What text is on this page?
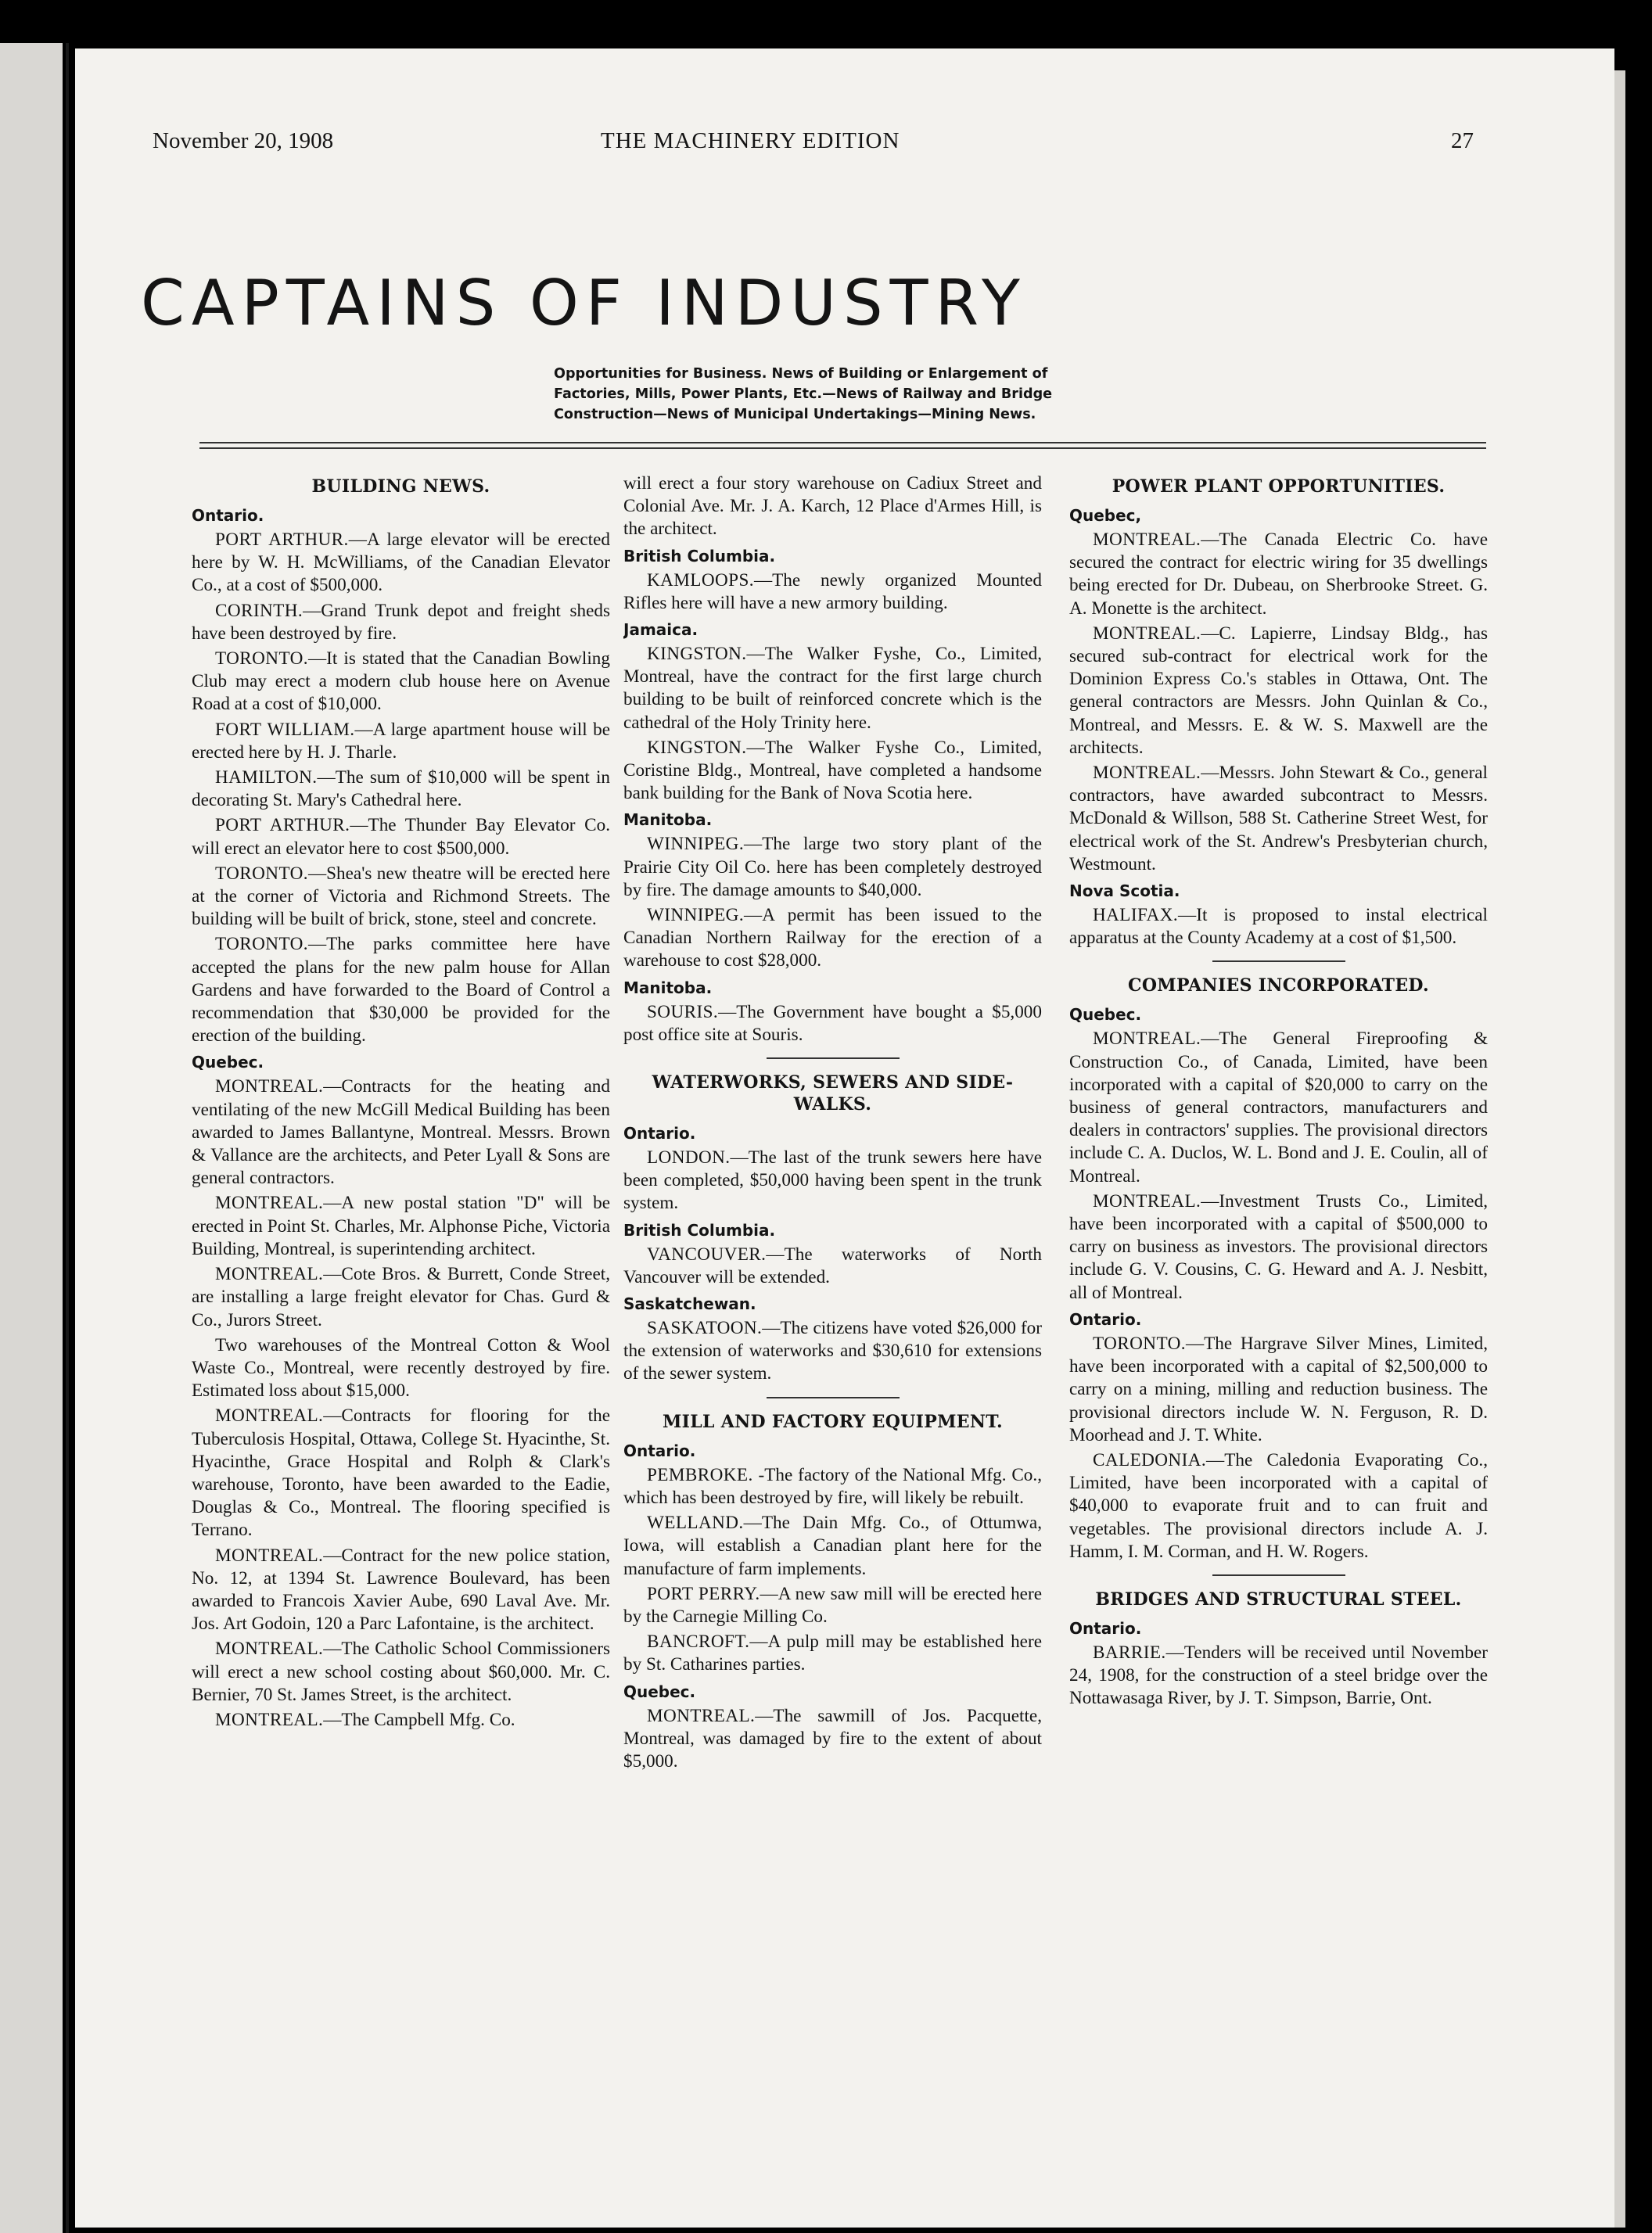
November 20, 1908	THE MACHINERY EDITION	27
CAPTAINS OF INDUSTRY
Opportunities for Business. News of Building or Enlargement of
Factories, Mills, Power Plants, Etc.—News of Railway and Bridge
Construction—News of Municipal Undertakings—Mining News.
BUILDING NEWS.
Ontario.

PORT ARTHUR.—A large elevator will be erected here by W. H. McWilliams, of the Canadian Elevator Co., at a cost of $500,000.

CORINTH.—Grand Trunk depot and freight sheds have been destroyed by fire.

TORONTO.—It is stated that the Canadian Bowling Club may erect a modern club house here on Avenue Road at a cost of $10,000.

FORT WILLIAM.—A large apartment house will be erected here by H. J. Tharle.

HAMILTON.—The sum of $10,000 will be spent in decorating St. Mary's Cathedral here.

PORT ARTHUR.—The Thunder Bay Elevator Co. will erect an elevator here to cost $500,000.

TORONTO.—Shea's new theatre will be erected here at the corner of Victoria and Richmond Streets. The building will be built of brick, stone, steel and concrete.

TORONTO.—The parks committee here have accepted the plans for the new palm house for Allan Gardens and have forwarded to the Board of Control a recommendation that $30,000 be provided for the erection of the building.

Quebec.

MONTREAL.—Contracts for the heating and ventilating of the new McGill Medical Building has been awarded to James Ballantyne, Montreal. Messrs. Brown & Vallance are the architects, and Peter Lyall & Sons are general contractors.

MONTREAL.—A new postal station "D" will be erected in Point St. Charles, Mr. Alphonse Piche, Victoria Building, Montreal, is superintending architect.

MONTREAL.—Cote Bros. & Burrett, Conde Street, are installing a large freight elevator for Chas. Gurd & Co., Jurors Street.

Two warehouses of the Montreal Cotton & Wool Waste Co., Montreal, were recently destroyed by fire. Estimated loss about $15,000.

MONTREAL.—Contracts for flooring for the Tuberculosis Hospital, Ottawa, College St. Hyacinthe, St. Hyacinthe, Grace Hospital and Rolph & Clark's warehouse, Toronto, have been awarded to the Eadie, Douglas & Co., Montreal. The flooring specified is Terrano.

MONTREAL.—Contract for the new police station, No. 12, at 1394 St. Lawrence Boulevard, has been awarded to Francois Xavier Aube, 690 Laval Ave. Mr. Jos. Art Godoin, 120 a Parc Lafontaine, is the architect.

MONTREAL.—The Catholic School Commissioners will erect a new school costing about $60,000. Mr. C. Bernier, 70 St. James Street, is the architect.

MONTREAL.—The Campbell Mfg. Co.

will erect a four story warehouse on Cadiux Street and Colonial Ave. Mr. J. A. Karch, 12 Place d'Armes Hill, is the architect.

British Columbia.

KAMLOOPS.—The newly organized Mounted Rifles here will have a new armory building.

Jamaica.

KINGSTON.—The Walker Fyshe, Co., Limited, Montreal, have the contract for the first large church building to be built of reinforced concrete which is the cathedral of the Holy Trinity here.

KINGSTON.—The Walker Fyshe Co., Limited, Coristine Bldg., Montreal, have completed a handsome bank building for the Bank of Nova Scotia here.

Manitoba.

WINNIPEG.—The large two story plant of the Prairie City Oil Co. here has been completely destroyed by fire. The damage amounts to $40,000.

WINNIPEG.—A permit has been issued to the Canadian Northern Railway for the erection of a warehouse to cost $28,000.

Manitoba.

SOURIS.—The Government have bought a $5,000 post office site at Souris.

WATERWORKS, SEWERS AND SIDE-WALKS.
Ontario.

LONDON.—The last of the trunk sewers here have been completed, $50,000 having been spent in the trunk system.

British Columbia.

VANCOUVER.—The waterworks of North Vancouver will be extended.

Saskatchewan.

SASKATOON.—The citizens have voted $26,000 for the extension of waterworks and $30,610 for extensions of the sewer system.

MILL AND FACTORY EQUIPMENT.
Ontario.

PEMBROKE. -The factory of the National Mfg. Co., which has been destroyed by fire, will likely be rebuilt.

WELLAND.—The Dain Mfg. Co., of Ottumwa, Iowa, will establish a Canadian plant here for the manufacture of farm implements.

PORT PERRY.—A new saw mill will be erected here by the Carnegie Milling Co.

BANCROFT.—A pulp mill may be established here by St. Catharines parties.

Quebec.

MONTREAL.—The sawmill of Jos. Pacquette, Montreal, was damaged by fire to the extent of about $5,000.

POWER PLANT OPPORTUNITIES.
Quebec,

MONTREAL.—The Canada Electric Co. have secured the contract for electric wiring for 35 dwellings being erected for Dr. Dubeau, on Sherbrooke Street. G. A. Monette is the architect.

MONTREAL.—C. Lapierre, Lindsay Bldg., has secured sub-contract for electrical work for the Dominion Express Co.'s stables in Ottawa, Ont. The general contractors are Messrs. John Quinlan & Co., Montreal, and Messrs. E. & W. S. Maxwell are the architects.

MONTREAL.—Messrs. John Stewart & Co., general contractors, have awarded subcontract to Messrs. McDonald & Willson, 588 St. Catherine Street West, for electrical work of the St. Andrew's Presbyterian church, Westmount.

Nova Scotia.

HALIFAX.—It is proposed to instal electrical apparatus at the County Academy at a cost of $1,500.

COMPANIES INCORPORATED.
Quebec.

MONTREAL.—The General Fireproofing & Construction Co., of Canada, Limited, have been incorporated with a capital of $20,000 to carry on the business of general contractors, manufacturers and dealers in contractors' supplies. The provisional directors include C. A. Duclos, W. L. Bond and J. E. Coulin, all of Montreal.

MONTREAL.—Investment Trusts Co., Limited, have been incorporated with a capital of $500,000 to carry on business as investors. The provisional directors include G. V. Cousins, C. G. Heward and A. J. Nesbitt, all of Montreal.

Ontario.

TORONTO.—The Hargrave Silver Mines, Limited, have been incorporated with a capital of $2,500,000 to carry on a mining, milling and reduction business. The provisional directors include W. N. Ferguson, R. D. Moorhead and J. T. White.

CALEDONIA.—The Caledonia Evaporating Co., Limited, have been incorporated with a capital of $40,000 to evaporate fruit and to can fruit and vegetables. The provisional directors include A. J. Hamm, I. M. Corman, and H. W. Rogers.

BRIDGES AND STRUCTURAL STEEL.
Ontario.

BARRIE.—Tenders will be received until November 24, 1908, for the construction of a steel bridge over the Nottawasaga River, by J. T. Simpson, Barrie, Ont.
